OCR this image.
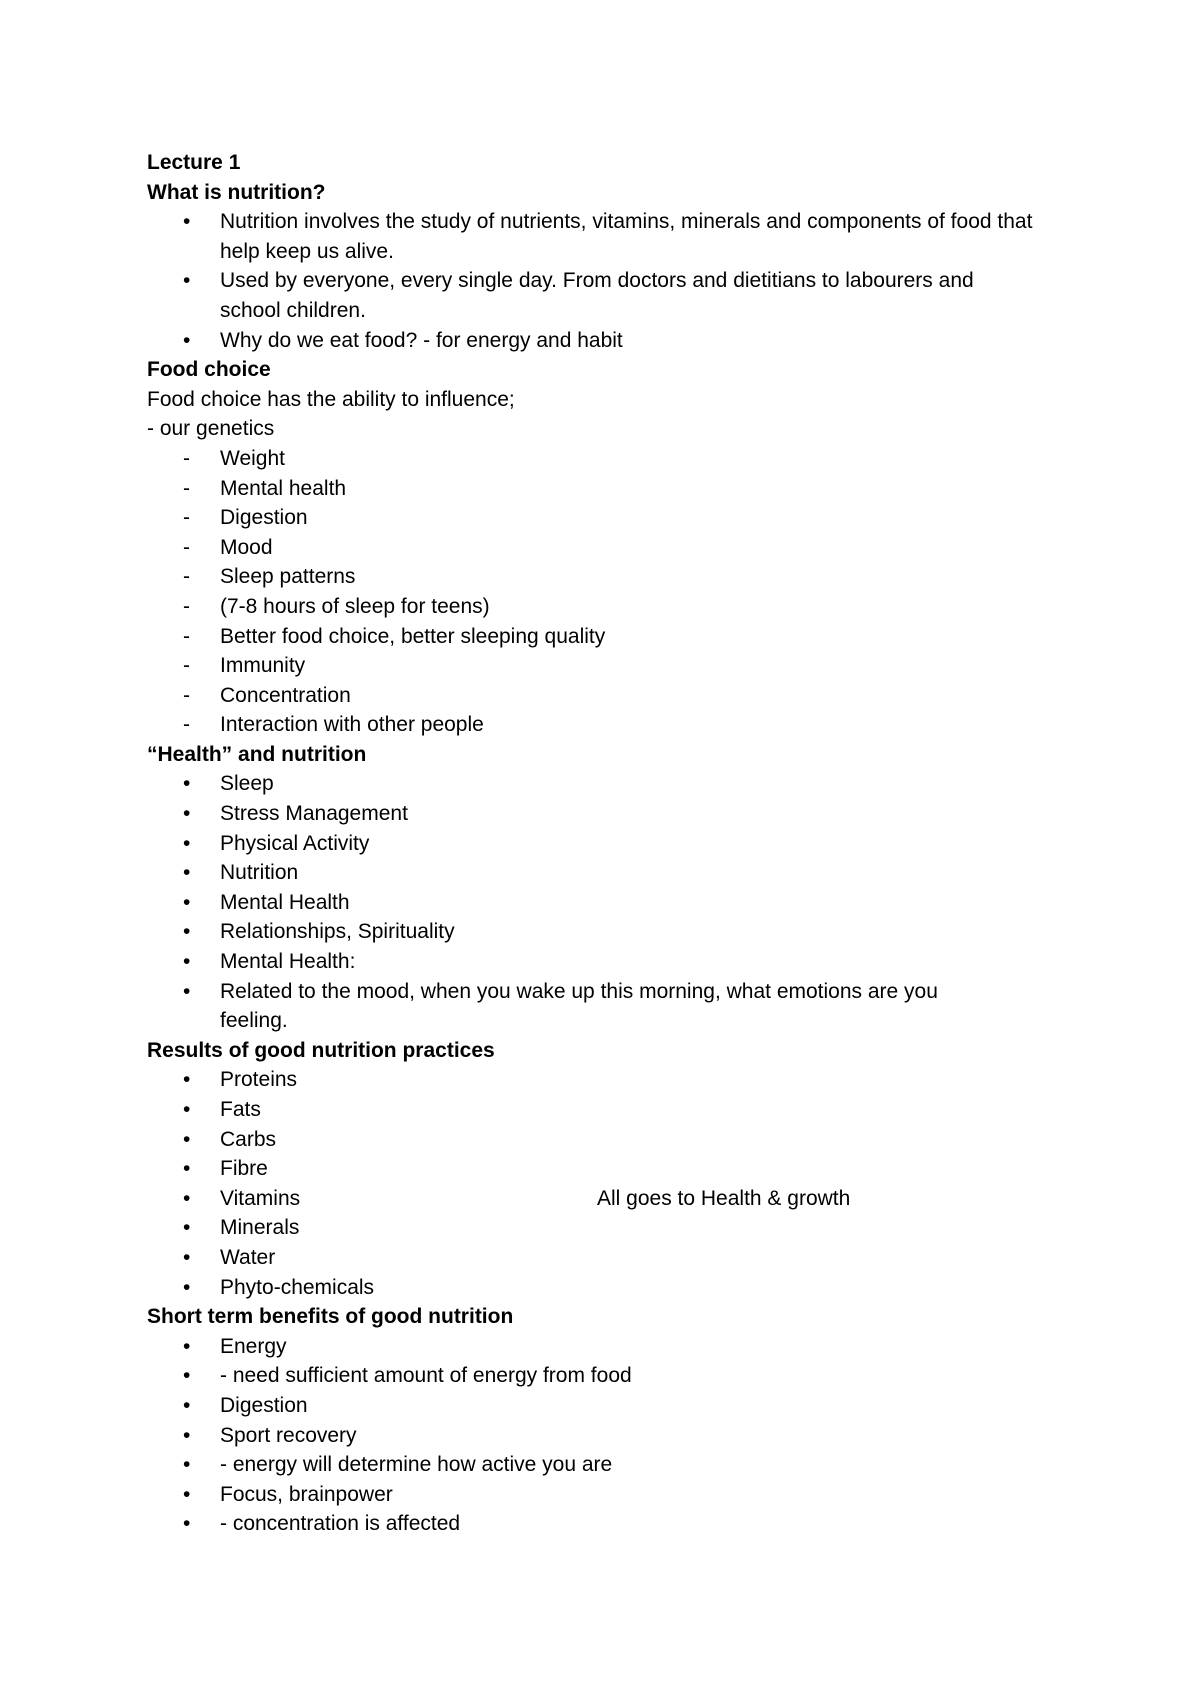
Lecture 1

What is nutrition?

• Nutrition involves the study of nutrients, vitamins, minerals and components of food that help keep us alive.
• Used by everyone, every single day. From doctors and dietitians to labourers and school children.
• Why do we eat food? - for energy and habit

Food choice

Food choice has the ability to influence;

- our genetics

- Weight
- Mental health
- Digestion
- Mood
- Sleep patterns
- (7-8 hours of sleep for teens)
- Better food choice, better sleeping quality
- Immunity
- Concentration
- Interaction with other people

“Health” and nutrition

• Sleep
• Stress Management
• Physical Activity
• Nutrition
• Mental Health
• Relationships, Spirituality
• Mental Health:
• Related to the mood, when you wake up this morning, what emotions are you feeling.

Results of good nutrition practices

• Proteins
• Fats
• Carbs
• Fibre
• Vitamins	All goes to Health & growth
• Minerals
• Water
• Phyto-chemicals

Short term benefits of good nutrition

• Energy
• - need sufficient amount of energy from food
• Digestion
• Sport recovery
• - energy will determine how active you are
• Focus, brainpower
• - concentration is affected
